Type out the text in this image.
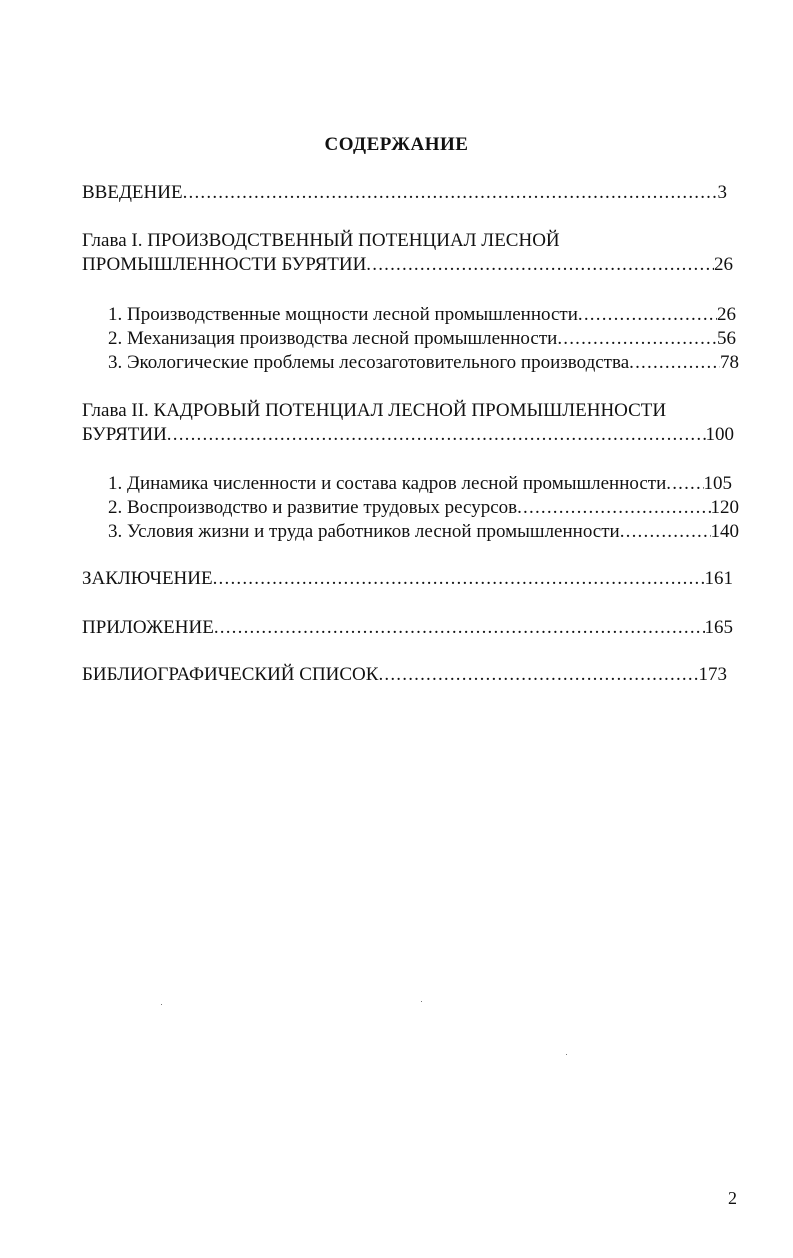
СОДЕРЖАНИЕ
ВВЕДЕНИЕ .....	3
Глава I. ПРОИЗВОДСТВЕННЫЙ ПОТЕНЦИАЛ ЛЕСНОЙ
ПРОМЫШЛЕННОСТИ БУРЯТИИ .....	26
1. Производственные мощности лесной промышленности .....	26
2. Механизация производства лесной промышленности .....	56
3. Экологические проблемы лесозаготовительного производства .....	78
Глава II. КАДРОВЫЙ ПОТЕНЦИАЛ ЛЕСНОЙ ПРОМЫШЛЕННОСТИ
БУРЯТИИ .....	100
1. Динамика численности и состава кадров лесной промышленности ..... 105
2. Воспроизводство и развитие трудовых ресурсов .....	120
3. Условия жизни и труда работников лесной промышленности .....	140
ЗАКЛЮЧЕНИЕ .....	161
ПРИЛОЖЕНИЕ .....	165
БИБЛИОГРАФИЧЕСКИЙ СПИСОК .....	173
2
